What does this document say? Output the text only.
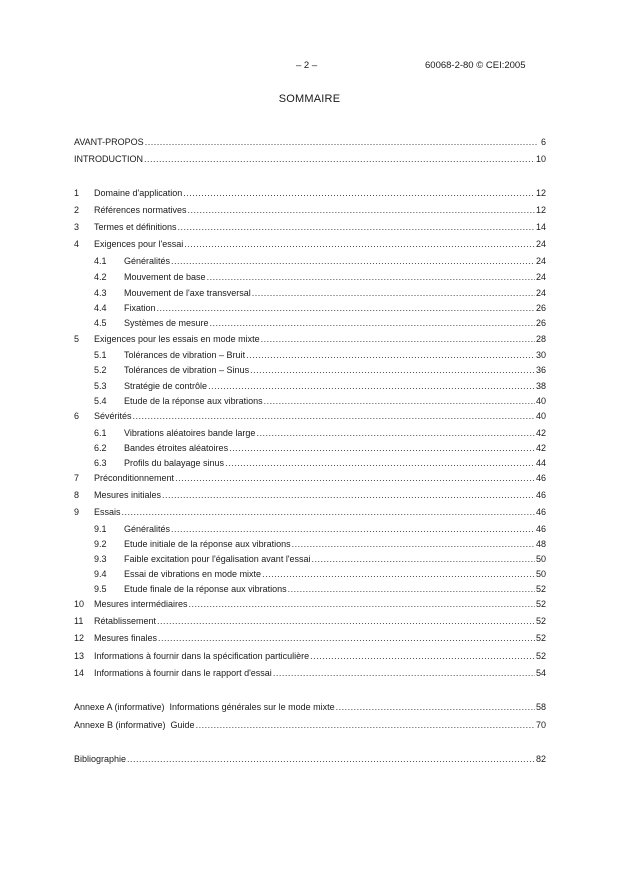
– 2 –	60068-2-80 © CEI:2005
SOMMAIRE
AVANT-PROPOS .....	6
INTRODUCTION .....	10
1	Domaine d'application .....	12
2	Références normatives .....	12
3	Termes et définitions .....	14
4	Exigences pour l'essai .....	24
4.1	Généralités .....	24
4.2	Mouvement de base .....	24
4.3	Mouvement de l'axe transversal .....	24
4.4	Fixation .....	26
4.5	Systèmes de mesure .....	26
5	Exigences pour les essais en mode mixte .....	28
5.1	Tolérances de vibration – Bruit .....	30
5.2	Tolérances de vibration – Sinus .....	36
5.3	Stratégie de contrôle .....	38
5.4	Etude de la réponse aux vibrations .....	40
6	Sévérités .....	40
6.1	Vibrations aléatoires bande large .....	42
6.2	Bandes étroites aléatoires .....	42
6.3	Profils du balayage sinus .....	44
7	Préconditionnement .....	46
8	Mesures initiales .....	46
9	Essais .....	46
9.1	Généralités .....	46
9.2	Etude initiale de la réponse aux vibrations .....	48
9.3	Faible excitation pour l'égalisation avant l'essai .....	50
9.4	Essai de vibrations en mode mixte .....	50
9.5	Etude finale de la réponse aux vibrations .....	52
10	Mesures intermédiaires .....	52
11	Rétablissement .....	52
12	Mesures finales .....	52
13	Informations à fournir dans la spécification particulière .....	52
14	Informations à fournir dans le rapport d'essai .....	54
Annexe A (informative)  Informations générales sur le mode mixte .....	58
Annexe B (informative)  Guide .....	70
Bibliographie .....	82
